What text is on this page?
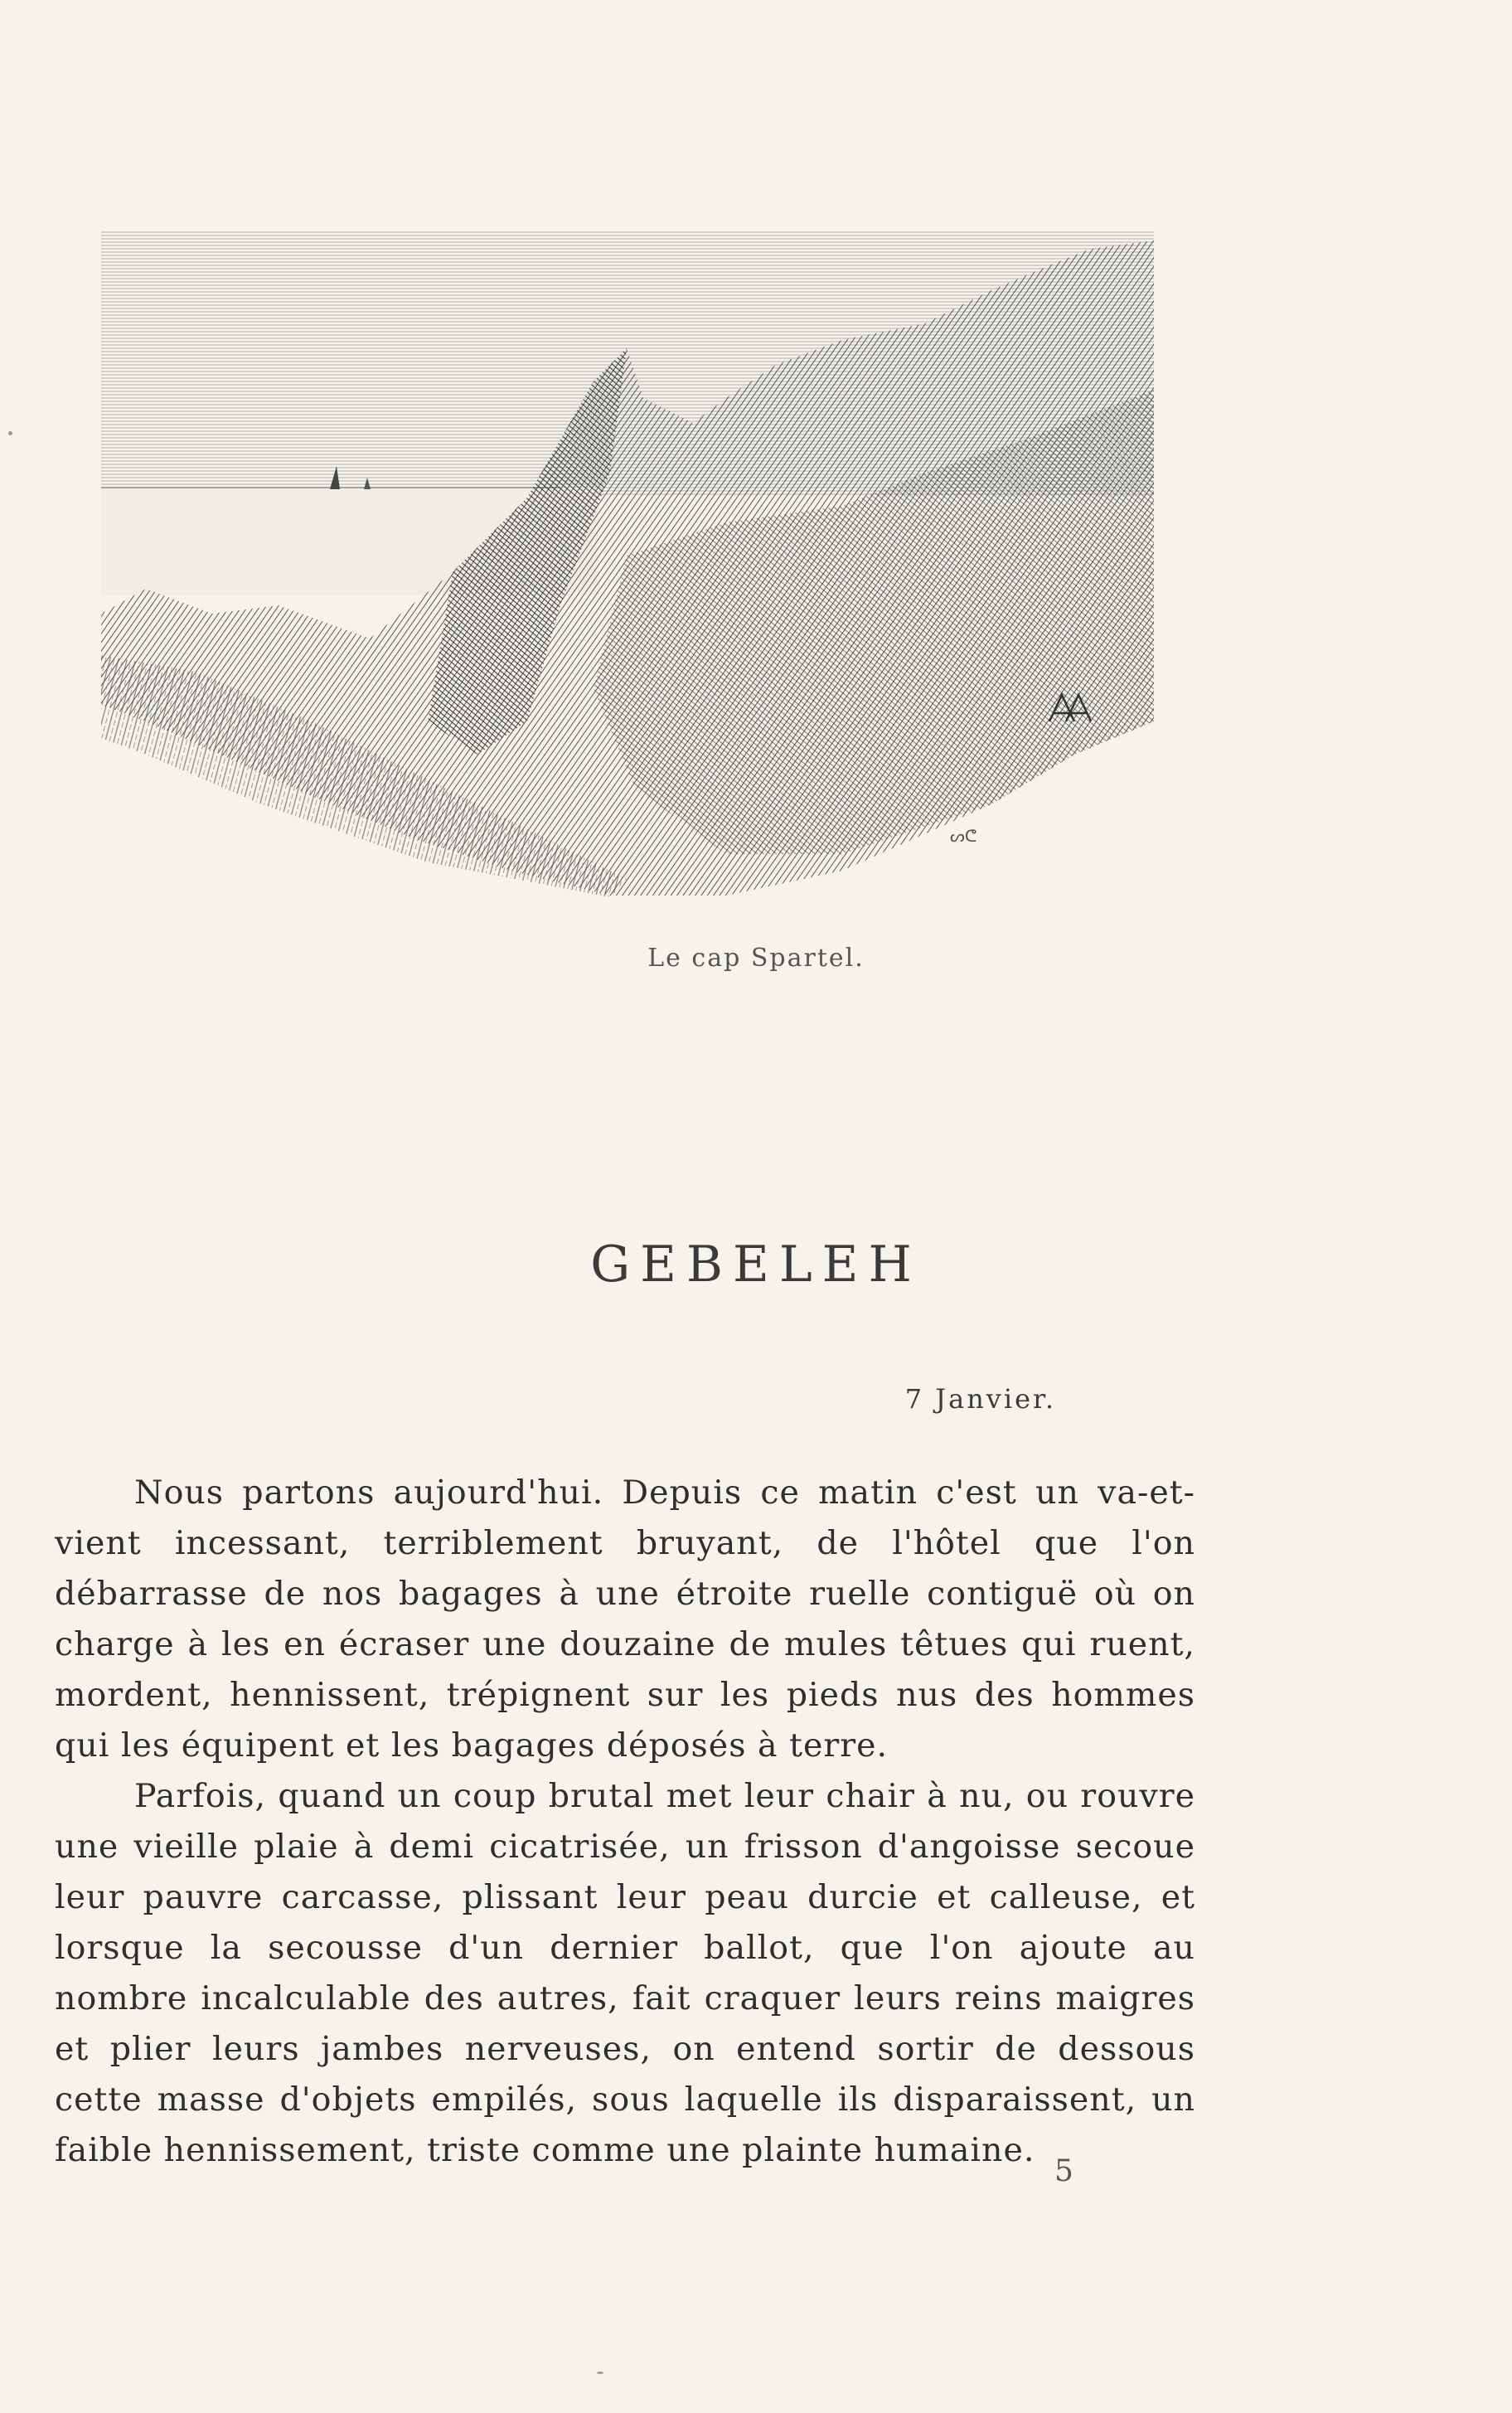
ᔕᕦ
Le cap Spartel.
GEBELEH
7 Janvier.

Nous partons aujourd'hui. Depuis ce matin c'est un va-et-vient incessant, terriblement bruyant, de l'hôtel que l'on débarrasse de nos bagages à une étroite ruelle contiguë où on charge à les en écraser une douzaine de mules têtues qui ruent, mordent, hennissent, trépignent sur les pieds nus des hommes qui les équipent et les bagages déposés à terre.

Parfois, quand un coup brutal met leur chair à nu, ou rouvre une vieille plaie à demi cicatrisée, un frisson d'angoisse secoue leur pauvre carcasse, plissant leur peau durcie et calleuse, et lorsque la secousse d'un dernier ballot, que l'on ajoute au nombre incalculable des autres, fait craquer leurs reins maigres et plier leurs jambes nerveuses, on entend sortir de dessous cette masse d'objets empilés, sous laquelle ils disparaissent, un faible hennissement, triste comme une plainte humaine.

5
